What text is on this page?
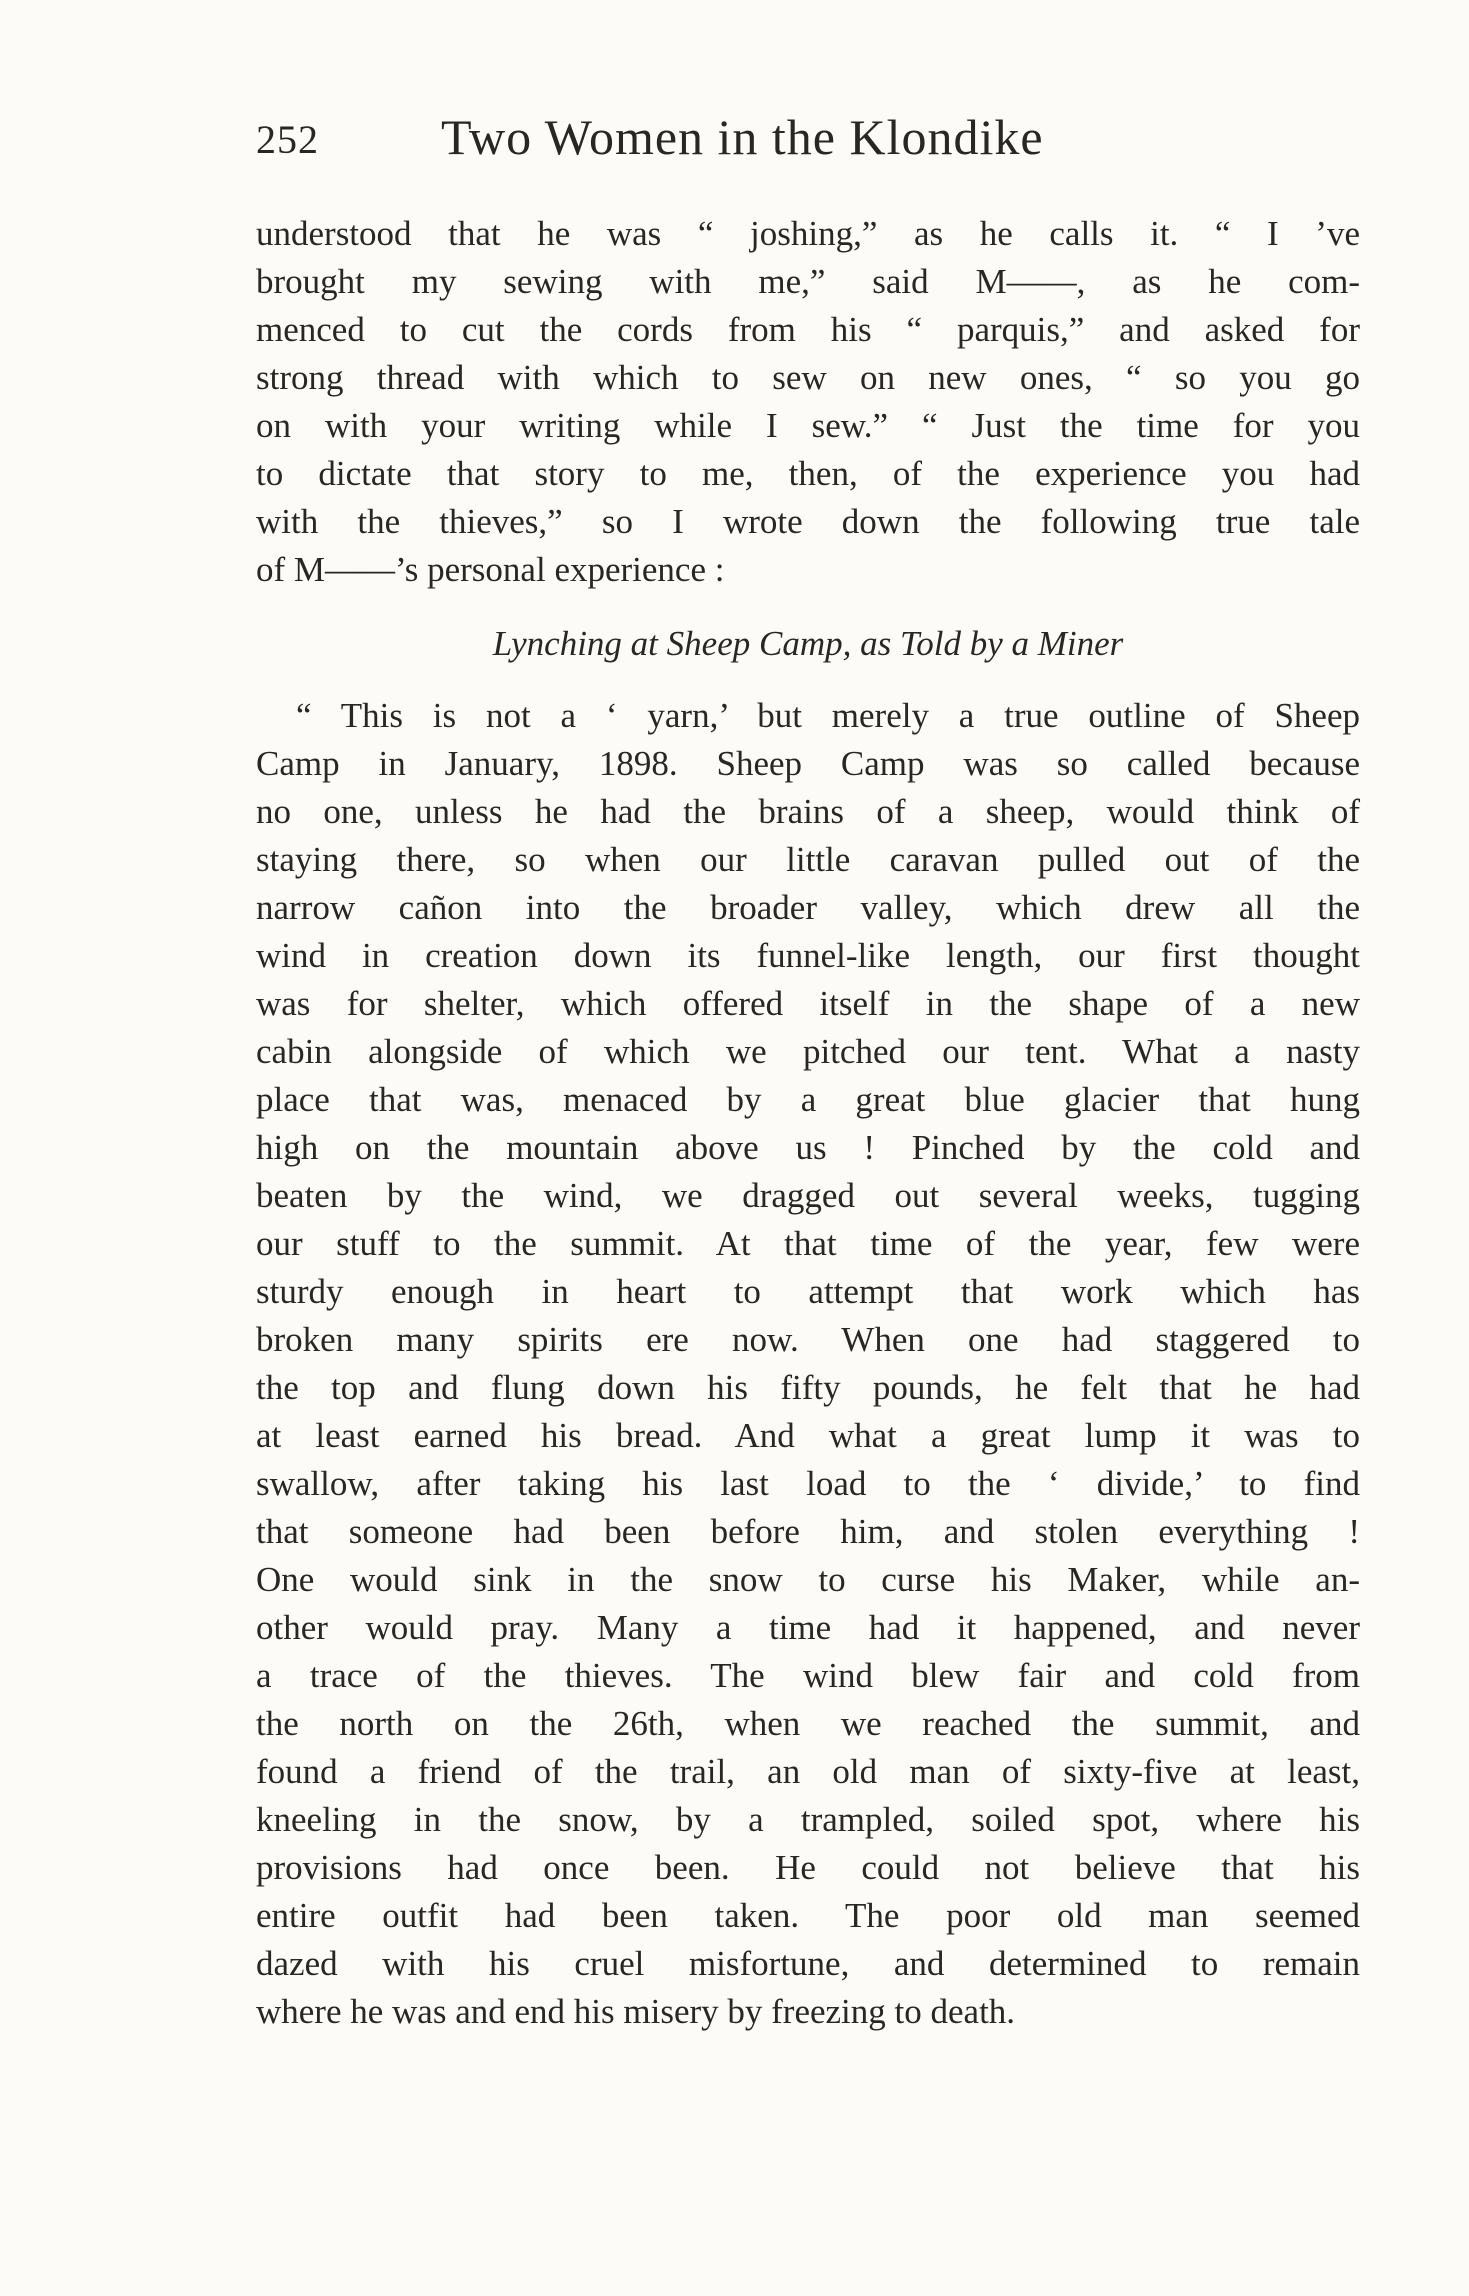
252 Two Women in the Klondike
understood that he was “ joshing,” as he calls it. “ I ’ve
brought my sewing with me,” said M——, as he com-
menced to cut the cords from his “ parquis,” and asked for
strong thread with which to sew on new ones, “ so you go
on with your writing while I sew.” “ Just the time for you
to dictate that story to me, then, of the experience you had
with the thieves,” so I wrote down the following true tale
of M——’s personal experience :
Lynching at Sheep Camp, as Told by a Miner
“ This is not a ‘ yarn,’ but merely a true outline of Sheep
Camp in January, 1898. Sheep Camp was so called because
no one, unless he had the brains of a sheep, would think of
staying there, so when our little caravan pulled out of the
narrow cañon into the broader valley, which drew all the
wind in creation down its funnel-like length, our first thought
was for shelter, which offered itself in the shape of a new
cabin alongside of which we pitched our tent. What a nasty
place that was, menaced by a great blue glacier that hung
high on the mountain above us ! Pinched by the cold and
beaten by the wind, we dragged out several weeks, tugging
our stuff to the summit. At that time of the year, few were
sturdy enough in heart to attempt that work which has
broken many spirits ere now. When one had staggered to
the top and flung down his fifty pounds, he felt that he had
at least earned his bread. And what a great lump it was to
swallow, after taking his last load to the ‘ divide,’ to find
that someone had been before him, and stolen everything !
One would sink in the snow to curse his Maker, while an-
other would pray. Many a time had it happened, and never
a trace of the thieves. The wind blew fair and cold from
the north on the 26th, when we reached the summit, and
found a friend of the trail, an old man of sixty-five at least,
kneeling in the snow, by a trampled, soiled spot, where his
provisions had once been. He could not believe that his
entire outfit had been taken. The poor old man seemed
dazed with his cruel misfortune, and determined to remain
where he was and end his misery by freezing to death.
